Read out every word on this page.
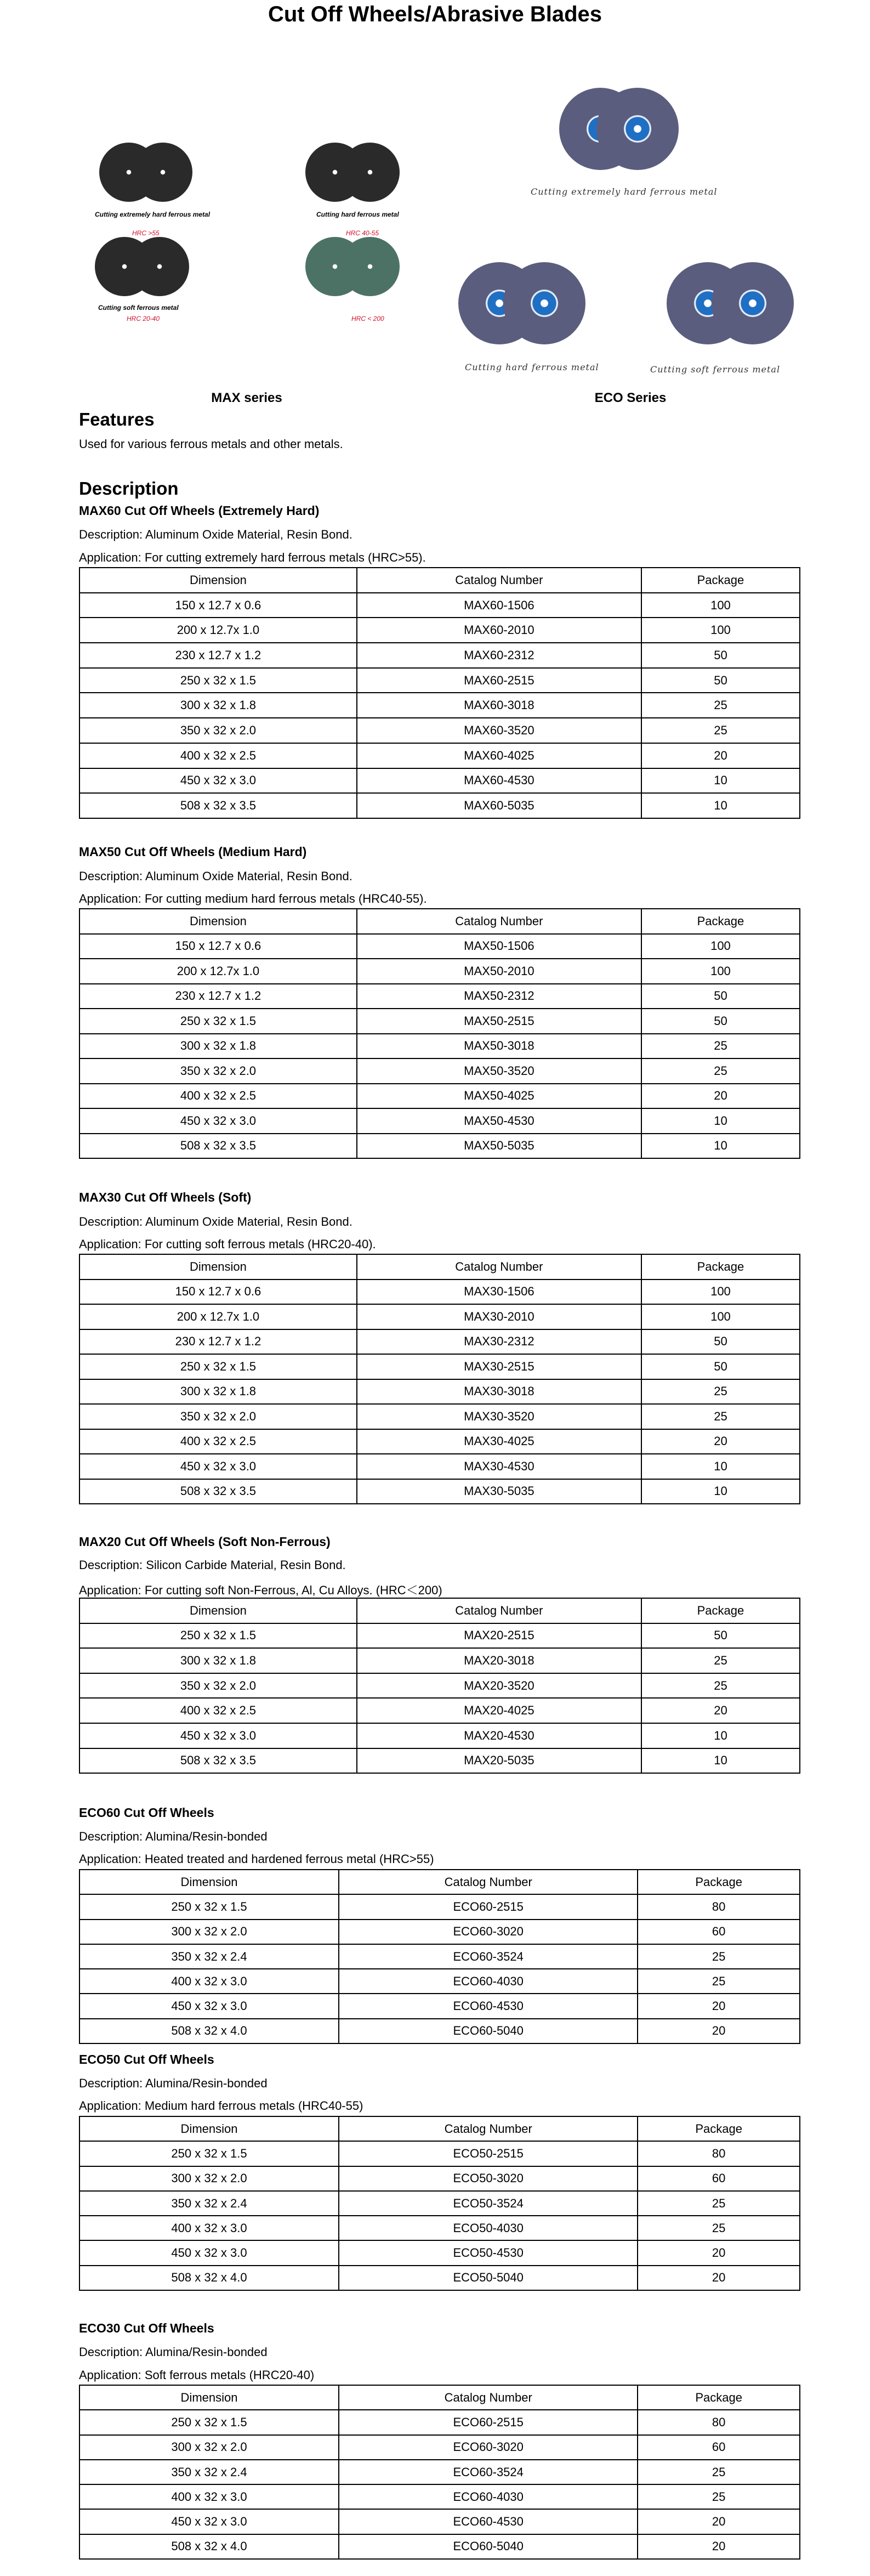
Cut Off Wheels/Abrasive Blades
Cutting extremely hard ferrous metal
HRC >55
Cutting hard ferrous metal
HRC 40-55
Cutting soft ferrous metal
HRC 20-40	HRC < 200
MAX series
Cutting extremely hard ferrous metal
Cutting hard ferrous metal	Cutting soft ferrous metal
ECO Series
Features
Used for various ferrous metals and other metals.
Description
MAX60 Cut Off Wheels (Extremely Hard)
Description: Aluminum Oxide Material, Resin Bond.
Application: For cutting extremely hard ferrous metals (HRC>55).
Dimension	Catalog Number	Package
150 x 12.7 x 0.6	MAX60-1506	100
200 x 12.7x 1.0	MAX60-2010	100
230 x 12.7 x 1.2	MAX60-2312	50
250 x 32 x 1.5	MAX60-2515	50
300 x 32 x 1.8	MAX60-3018	25
350 x 32 x 2.0	MAX60-3520	25
400 x 32 x 2.5	MAX60-4025	20
450 x 32 x 3.0	MAX60-4530	10
508 x 32 x 3.5	MAX60-5035	10
MAX50 Cut Off Wheels (Medium Hard)
Description: Aluminum Oxide Material, Resin Bond.
Application: For cutting medium hard ferrous metals (HRC40-55).
Dimension	Catalog Number	Package
150 x 12.7 x 0.6	MAX50-1506	100
200 x 12.7x 1.0	MAX50-2010	100
230 x 12.7 x 1.2	MAX50-2312	50
250 x 32 x 1.5	MAX50-2515	50
300 x 32 x 1.8	MAX50-3018	25
350 x 32 x 2.0	MAX50-3520	25
400 x 32 x 2.5	MAX50-4025	20
450 x 32 x 3.0	MAX50-4530	10
508 x 32 x 3.5	MAX50-5035	10
MAX30 Cut Off Wheels (Soft)
Description: Aluminum Oxide Material, Resin Bond.
Application: For cutting soft ferrous metals (HRC20-40).
Dimension	Catalog Number	Package
150 x 12.7 x 0.6	MAX30-1506	100
200 x 12.7x 1.0	MAX30-2010	100
230 x 12.7 x 1.2	MAX30-2312	50
250 x 32 x 1.5	MAX30-2515	50
300 x 32 x 1.8	MAX30-3018	25
350 x 32 x 2.0	MAX30-3520	25
400 x 32 x 2.5	MAX30-4025	20
450 x 32 x 3.0	MAX30-4530	10
508 x 32 x 3.5	MAX30-5035	10
MAX20 Cut Off Wheels (Soft Non-Ferrous)
Description: Silicon Carbide Material, Resin Bond.
Application: For cutting soft Non-Ferrous, Al, Cu Alloys. (HRC＜200)
Dimension	Catalog Number	Package
250 x 32 x 1.5	MAX20-2515	50
300 x 32 x 1.8	MAX20-3018	25
350 x 32 x 2.0	MAX20-3520	25
400 x 32 x 2.5	MAX20-4025	20
450 x 32 x 3.0	MAX20-4530	10
508 x 32 x 3.5	MAX20-5035	10
ECO60 Cut Off Wheels
Description: Alumina/Resin-bonded
Application: Heated treated and hardened ferrous metal (HRC>55)
Dimension	Catalog Number	Package
250 x 32 x 1.5	ECO60-2515	80
300 x 32 x 2.0	ECO60-3020	60
350 x 32 x 2.4	ECO60-3524	25
400 x 32 x 3.0	ECO60-4030	25
450 x 32 x 3.0	ECO60-4530	20
508 x 32 x 4.0	ECO60-5040	20
ECO50 Cut Off Wheels
Description: Alumina/Resin-bonded
Application: Medium hard ferrous metals (HRC40-55)
Dimension	Catalog Number	Package
250 x 32 x 1.5	ECO50-2515	80
300 x 32 x 2.0	ECO50-3020	60
350 x 32 x 2.4	ECO50-3524	25
400 x 32 x 3.0	ECO50-4030	25
450 x 32 x 3.0	ECO50-4530	20
508 x 32 x 4.0	ECO50-5040	20
ECO30 Cut Off Wheels
Description: Alumina/Resin-bonded
Application: Soft ferrous metals (HRC20-40)
Dimension	Catalog Number	Package
250 x 32 x 1.5	ECO60-2515	80
300 x 32 x 2.0	ECO60-3020	60
350 x 32 x 2.4	ECO60-3524	25
400 x 32 x 3.0	ECO60-4030	25
450 x 32 x 3.0	ECO60-4530	20
508 x 32 x 4.0	ECO60-5040	20
